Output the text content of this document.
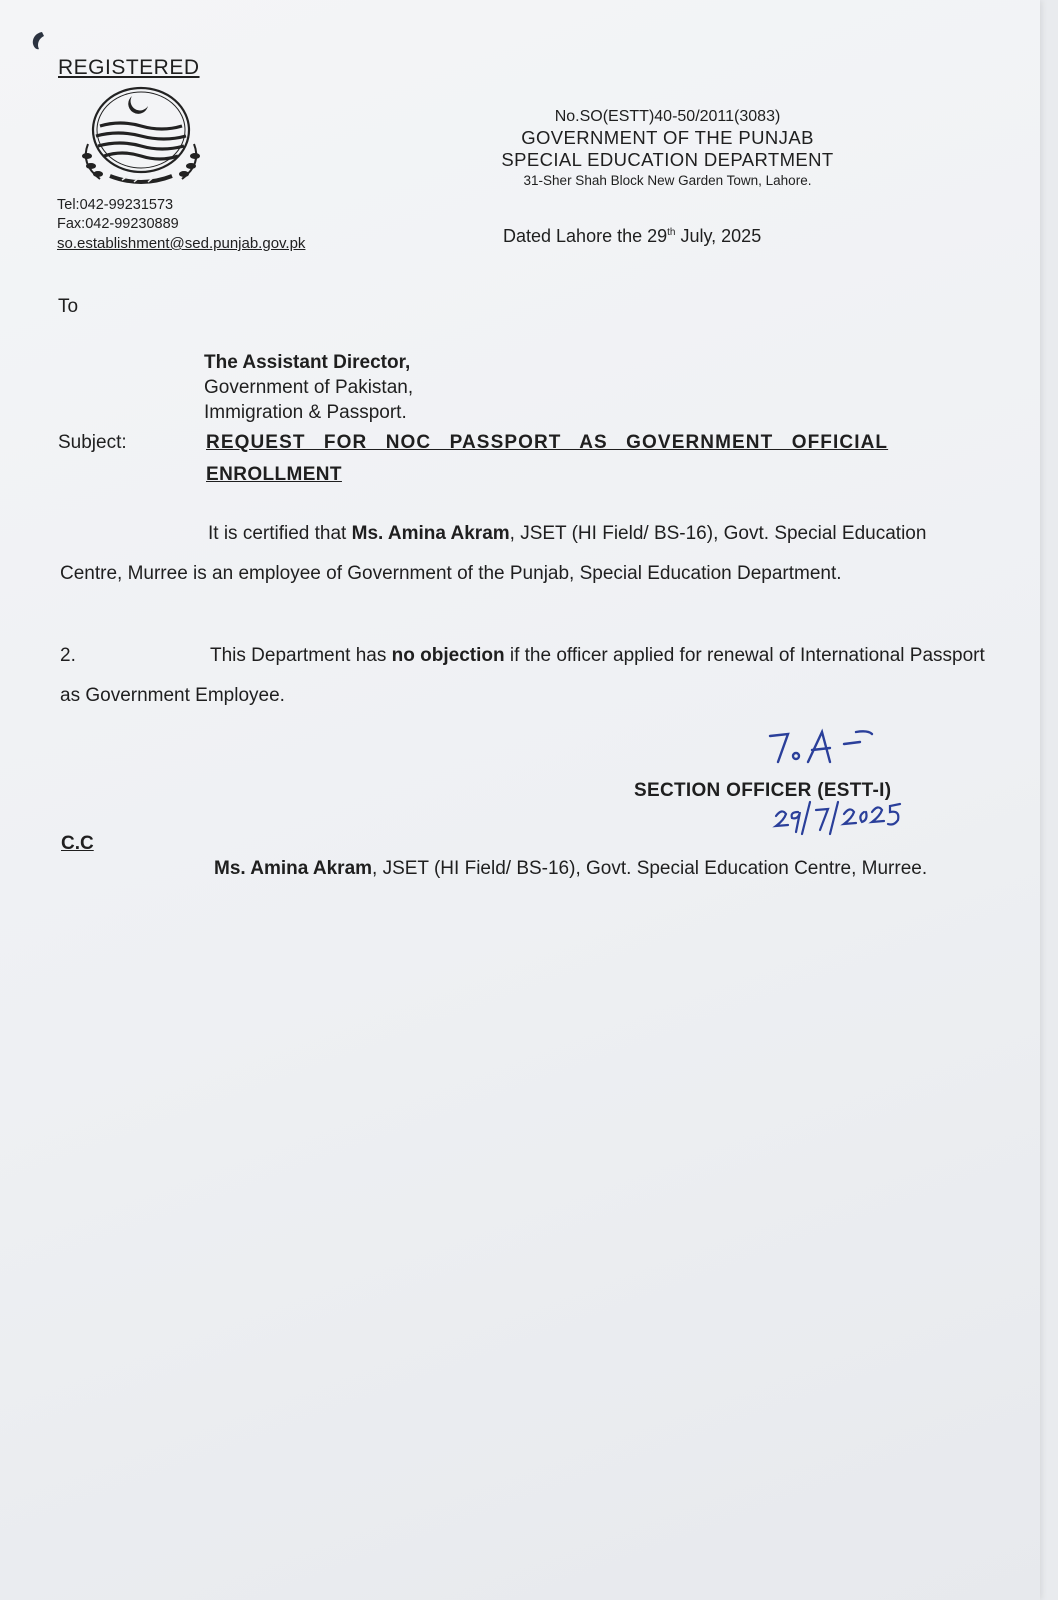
REGISTERED
Tel:042-99231573
Fax:042-99230889
so.establishment@sed.punjab.gov.pk
No.SO(ESTT)40-50/2011(3083)
GOVERNMENT OF THE PUNJAB
SPECIAL EDUCATION DEPARTMENT
31-Sher Shah Block New Garden Town, Lahore.
Dated Lahore the 29th July, 2025
To
The Assistant Director,
Government of Pakistan,
Immigration & Passport.
Subject:	REQUEST FOR NOC PASSPORT AS GOVERNMENT OFFICIAL
ENROLLMENT
It is certified that Ms. Amina Akram, JSET (HI Field/ BS-16), Govt. Special Education Centre, Murree is an employee of Government of the Punjab, Special Education Department.
2.	This Department has no objection if the officer applied for renewal of International Passport as Government Employee.
SECTION OFFICER (ESTT-I)
C.C
Ms. Amina Akram, JSET (HI Field/ BS-16), Govt. Special Education Centre, Murree.
